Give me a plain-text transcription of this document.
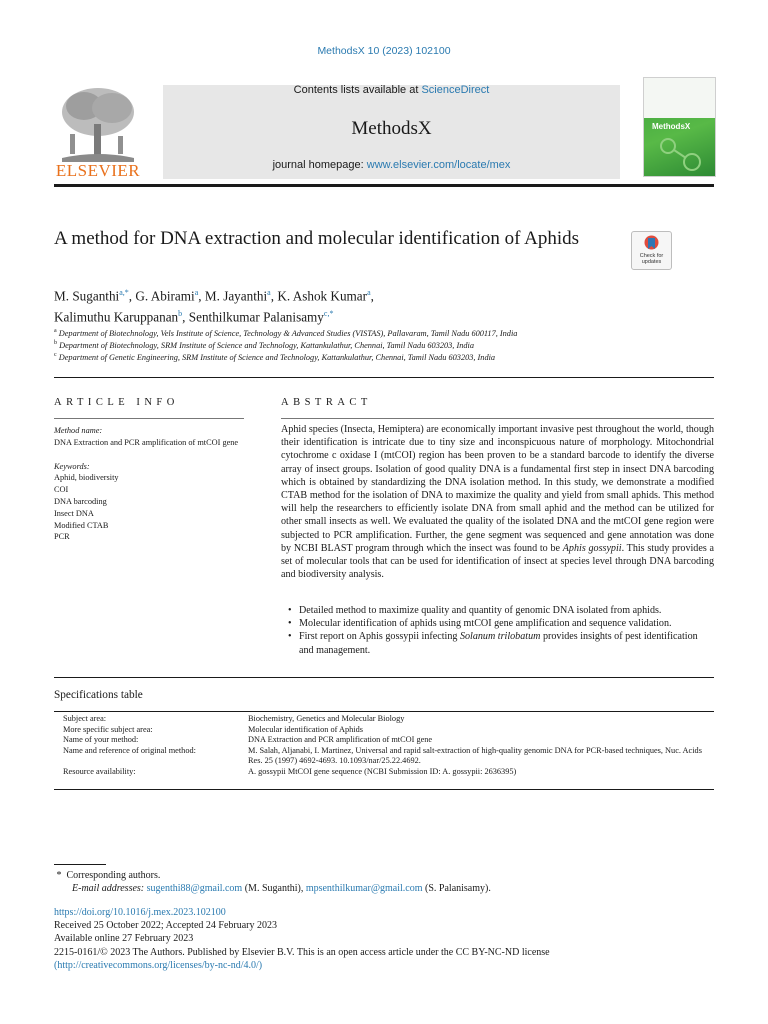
MethodsX 10 (2023) 102100
ELSEVIER
Contents lists available at ScienceDirect
MethodsX
journal homepage: www.elsevier.com/locate/mex
MethodsX
A method for DNA extraction and molecular identification of Aphids
Check for updates
M. Suganthi$^{a,*}$, G. Abirami$^a$, M. Jayanthi$^a$, K. Ashok Kumar$^a$,
Kalimuthu Karuppanan$^b$, Senthilkumar Palanisamy$^{c,*}$
$^a$ Department of Biotechnology, Vels Institute of Science, Technology & Advanced Studies (VISTAS), Pallavaram, Tamil Nadu 600117, India
$^b$ Department of Biotechnology, SRM Institute of Science and Technology, Kattankulathur, Chennai, Tamil Nadu 603203, India
$^c$ Department of Genetic Engineering, SRM Institute of Science and Technology, Kattankulathur, Chennai, Tamil Nadu 603203, India
ARTICLE INFO
Method name:
DNA Extraction and PCR amplification of mtCOI gene
Keywords:
Aphid, biodiversity
COI
DNA barcoding
Insect DNA
Modified CTAB
PCR
ABSTRACT
Aphid species (Insecta, Hemiptera) are economically important invasive pest throughout the world, though their identification is intricate due to tiny size and inconspicuous nature of morphology. Mitochondrial cytochrome c oxidase I (mtCOI) region has been proven to be a standard barcode to identify the diverse array of insect groups. Isolation of good quality DNA is a fundamental first step in insect DNA barcoding which is obtained by standardizing the DNA isolation method. In this study, we demonstrate a modified CTAB method for the isolation of DNA to maximize the quality and yield from small aphids. This method will help the researchers to efficiently isolate DNA from small aphid and the method can be utilized for other small insects as well. We evaluated the quality of the isolated DNA and the mtCOI gene region were subjected to PCR amplification. Further, the gene segment was sequenced and gene annotation was done by NCBI BLAST program through which the insect was found to be Aphis gossypii. This study provides a set of molecular tools that can be used for identification of insect at species level through DNA barcoding and biodiversity analysis.
• Detailed method to maximize quality and quantity of genomic DNA isolated from aphids.
• Molecular identification of aphids using mtCOI gene amplification and sequence validation.
• First report on Aphis gossypii infecting Solanum trilobatum provides insights of pest identification and management.
Specifications table
Subject area:	Biochemistry, Genetics and Molecular Biology
More specific subject area:	Molecular identification of Aphids
Name of your method:	DNA Extraction and PCR amplification of mtCOI gene
Name and reference of original method:	M. Salah, Aljanabi, I. Martinez, Universal and rapid salt-extraction of high-quality genomic DNA for PCR-based techniques, Nuc. Acids Res. 25 (1997) 4692-4693. 10.1093/nar/25.22.4692.
Resource availability:	A. gossypii MtCOI gene sequence (NCBI Submission ID: A. gossypii: 2636395)
* Corresponding authors.
E-mail addresses: sugenthi88@gmail.com (M. Suganthi), mpsenthilkumar@gmail.com (S. Palanisamy).
https://doi.org/10.1016/j.mex.2023.102100
Received 25 October 2022; Accepted 24 February 2023
Available online 27 February 2023
2215-0161/© 2023 The Authors. Published by Elsevier B.V. This is an open access article under the CC BY-NC-ND license
(http://creativecommons.org/licenses/by-nc-nd/4.0/)
